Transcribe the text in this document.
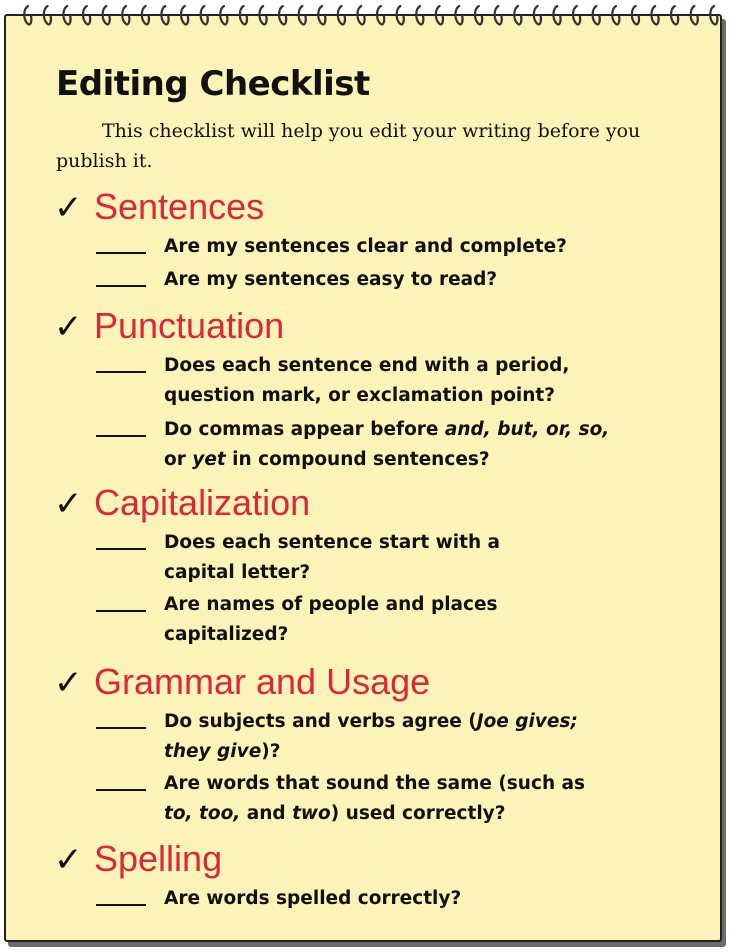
Editing Checklist
This checklist will help you edit your writing before you publish it.
✓ Sentences
Are my sentences clear and complete?
Are my sentences easy to read?
✓ Punctuation
Does each sentence end with a period,
question mark, or exclamation point?
Do commas appear before and, but, or, so,
or yet in compound sentences?
✓ Capitalization
Does each sentence start with a
capital letter?
Are names of people and places
capitalized?
✓ Grammar and Usage
Do subjects and verbs agree (Joe gives;
they give)?
Are words that sound the same (such as
to, too, and two) used correctly?
✓ Spelling
Are words spelled correctly?
